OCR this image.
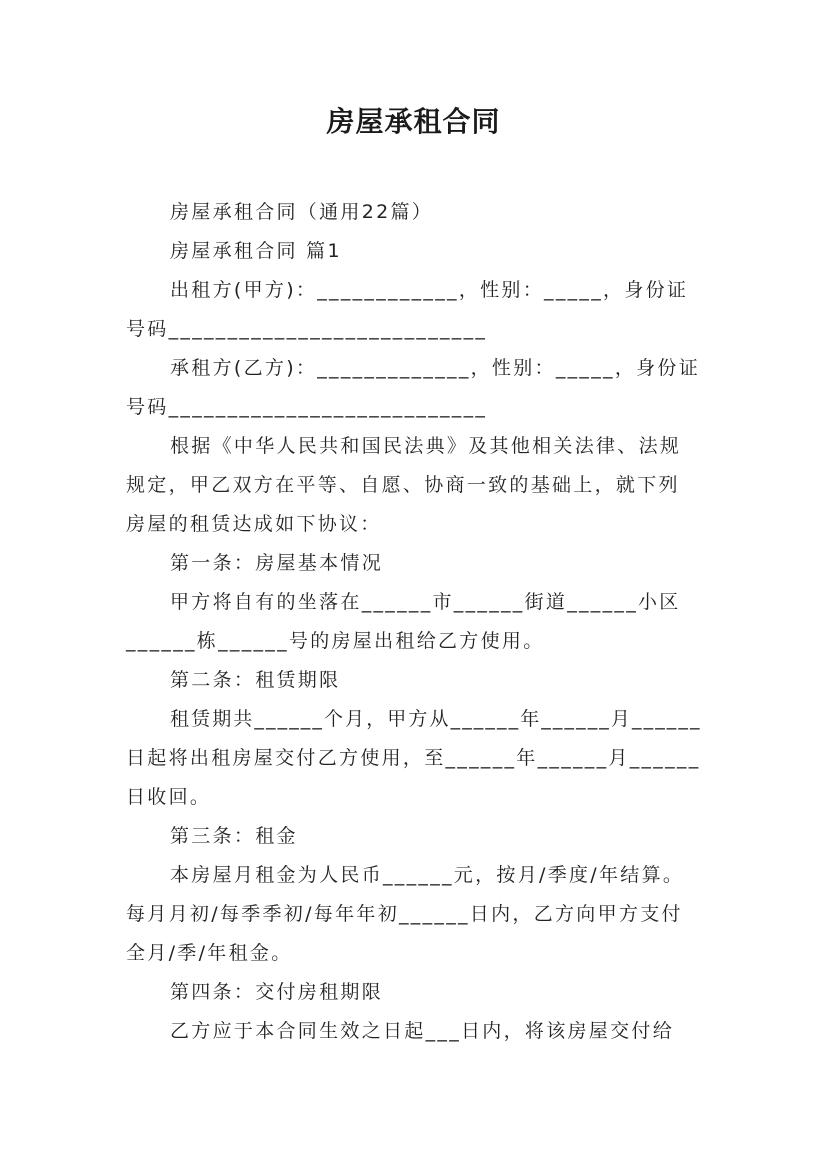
房屋承租合同
房屋承租合同（通用22篇）
房屋承租合同 篇1
出租方(甲方)：____________，性别：_____，身份证
号码___________________________
承租方(乙方)：_____________，性别：_____，身份证
号码___________________________
根据《中华人民共和国民法典》及其他相关法律、法规
规定，甲乙双方在平等、自愿、协商一致的基础上，就下列
房屋的租赁达成如下协议：
第一条：房屋基本情况
甲方将自有的坐落在______市______街道______小区
______栋______号的房屋出租给乙方使用。
第二条：租赁期限
租赁期共______个月，甲方从______年______月______
日起将出租房屋交付乙方使用，至______年______月______
日收回。
第三条：租金
本房屋月租金为人民币______元，按月/季度/年结算。
每月月初/每季季初/每年年初______日内，乙方向甲方支付
全月/季/年租金。
第四条：交付房租期限
乙方应于本合同生效之日起___日内，将该房屋交付给
